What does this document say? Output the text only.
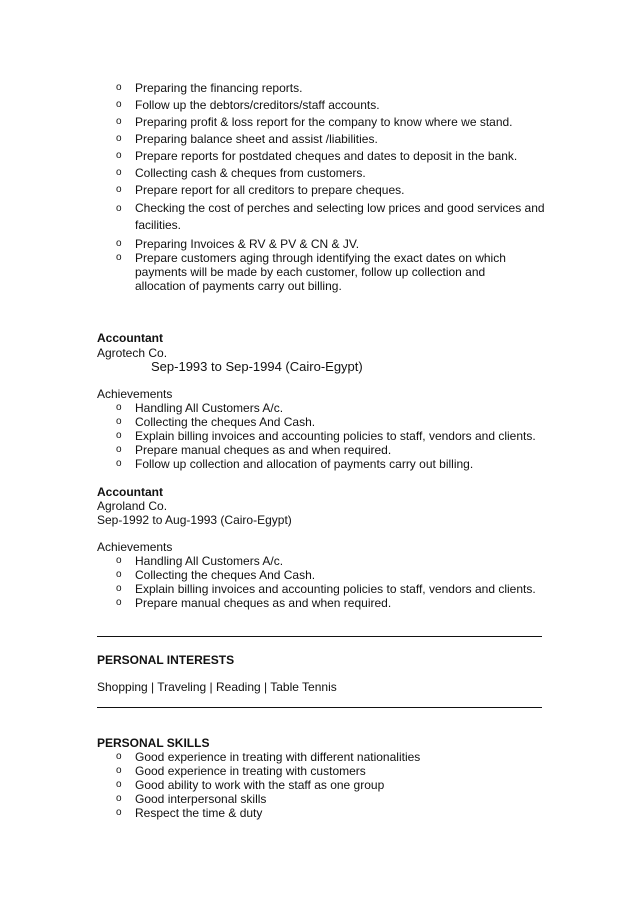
o Preparing the financing reports.
o Follow up the debtors/creditors/staff accounts.
o Preparing profit & loss report for the company to know where we stand.
o Preparing balance sheet and assist /liabilities.
o Prepare reports for postdated cheques and dates to deposit in the bank.
o Collecting cash & cheques from customers.
o Prepare report for all creditors to prepare cheques.
o Checking the cost of perches and selecting low prices and good services and facilities.
o Preparing Invoices & RV & PV & CN & JV.
o Prepare customers aging through identifying the exact dates on which payments will be made by each customer, follow up collection and allocation of payments carry out billing.
Accountant
Agrotech Co.
Sep-1993 to Sep-1994 (Cairo-Egypt)
Achievements
o Handling All Customers A/c.
o Collecting the cheques And Cash.
o Explain billing invoices and accounting policies to staff, vendors and clients.
o Prepare manual cheques as and when required.
o Follow up collection and allocation of payments carry out billing.
Accountant
Agroland Co.
Sep-1992 to Aug-1993 (Cairo-Egypt)
Achievements
o Handling All Customers A/c.
o Collecting the cheques And Cash.
o Explain billing invoices and accounting policies to staff, vendors and clients.
o Prepare manual cheques as and when required.
PERSONAL INTERESTS
Shopping | Traveling | Reading | Table Tennis
PERSONAL SKILLS
o Good experience in treating with different nationalities
o Good experience in treating with customers
o Good ability to work with the staff as one group
o Good interpersonal skills
o Respect the time & duty
